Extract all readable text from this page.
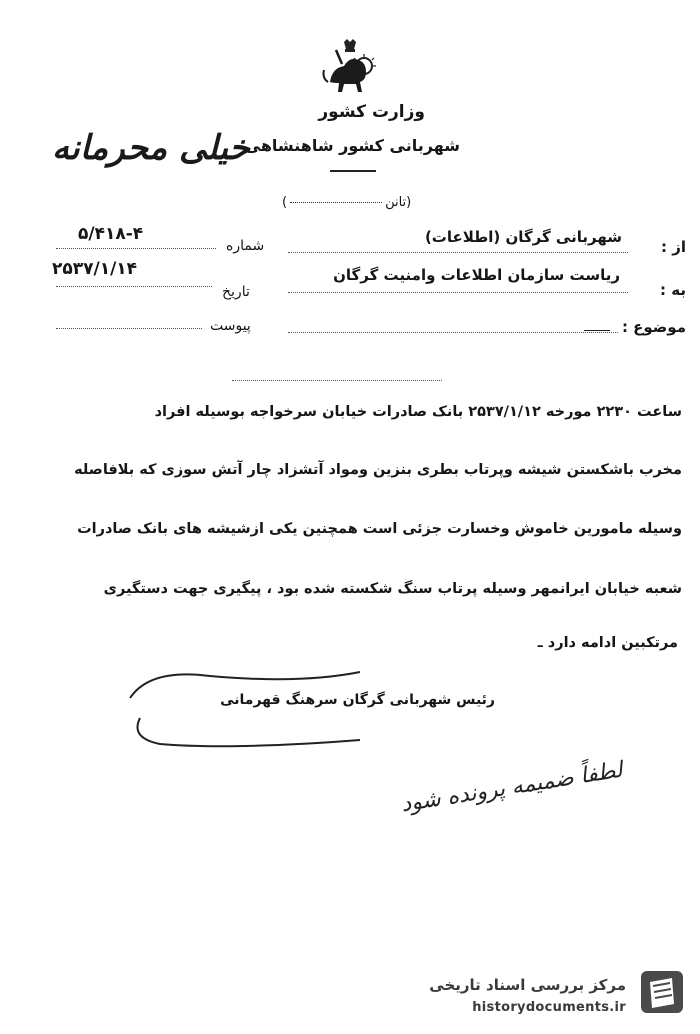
وزارت کشور
شهربانی کشور شاهنشاهی
خیلی محرمانه
(تانن)
از :
شهربانی گرگان (اطلاعات)
به :
ریاست سازمان اطلاعات وامنیت گرگان
موضوع :
شماره
۵/۴۱۸-۴
تاریخ
۲۵۳۷/۱/۱۴
پیوست
ساعت ۲۲۳۰ مورخه ۲۵۳۷/۱/۱۲ بانک صادرات خیابان سرخواجه بوسیله افراد
مخرب باشکستن شیشه وپرتاب بطری بنزین ومواد آتشزاد چار آتش سوزی که بلافاصله
وسیله مامورین خاموش وخسارت جزئی است همچنین یکی ازشیشه های بانک صادرات
شعبه خیابان ایرانمهر وسیله پرتاب سنگ شکسته شده بود ، پیگیری جهت دستگیری
مرتکبین ادامه دارد ـ
رئیس شهربانی گرگان سرهنگ قهرمانی
لطفاً ضمیمه پرونده شود
مرکز بررسی اسناد تاریخی
historydocuments.ir
